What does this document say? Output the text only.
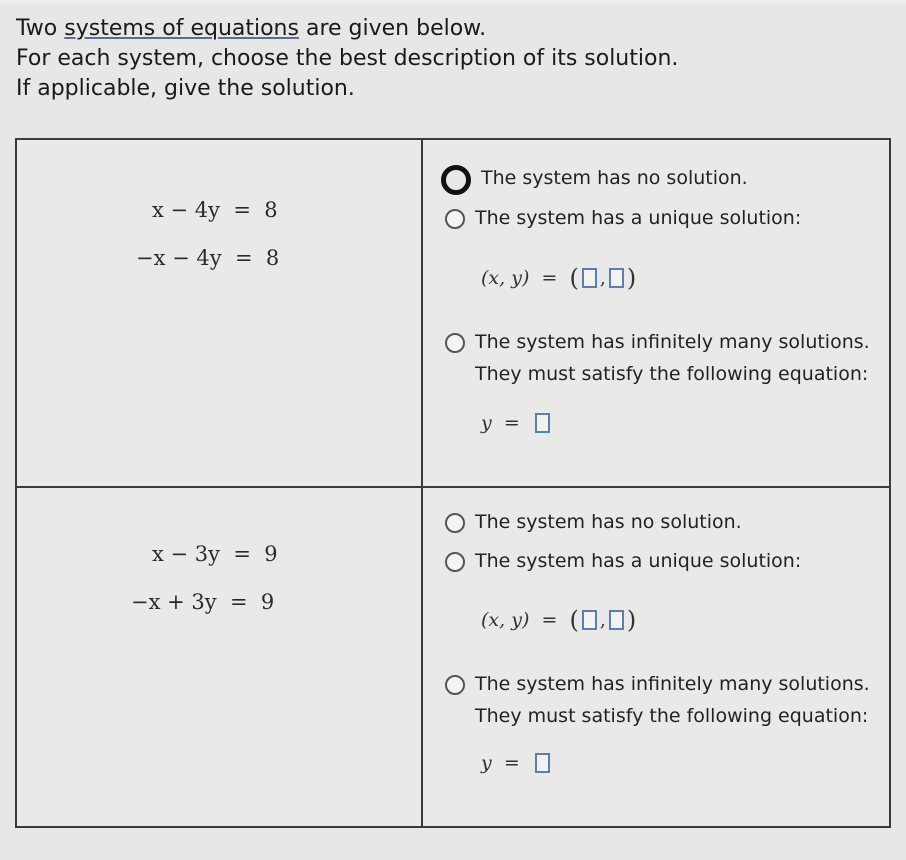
Two systems of equations are given below.
For each system, choose the best description of its solution.
If applicable, give the solution.
x − 4y  =  8
−x − 4y  =  8
The system has no solution.
The system has a unique solution:
(x, y)
=
( , )
The system has infinitely many solutions.
They must satisfy the following equation:
y
=

x − 3y  =  9
−x + 3y  =  9
The system has no solution.
The system has a unique solution:
(x, y)
=
( , )
The system has infinitely many solutions.
They must satisfy the following equation:
y
=
